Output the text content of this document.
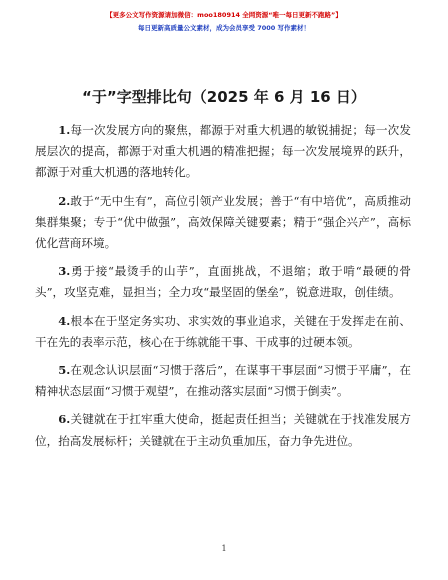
【更多公文写作资源请加微信：moo180914 全网资源“唯一每日更新不跑路”】
每日更新高质量公文素材，成为会员享受 7000 写作素材！
“于”字型排比句（2025 年 6 月 16 日）

1.每一次发展方向的聚焦，都源于对重大机遇的敏锐捕捉；每一次发展层次的提高，都源于对重大机遇的精准把握；每一次发展境界的跃升，都源于对重大机遇的落地转化。

2.敢于“无中生有”，高位引领产业发展；善于“有中培优”，高质推动集群集聚；专于“优中做强”，高效保障关键要素；精于“强企兴产”，高标优化营商环境。

3.勇于接“最烫手的山芋”，直面挑战，不退缩；敢于啃“最硬的骨头”，攻坚克难，显担当；全力攻“最坚固的堡垒”，锐意进取，创佳绩。

4.根本在于坚定务实功、求实效的事业追求，关键在于发挥走在前、干在先的表率示范，核心在于练就能干事、干成事的过硬本领。

5.在观念认识层面“习惯于落后”，在谋事干事层面“习惯于平庸”，在精神状态层面“习惯于观望”，在推动落实层面“习惯于倒卖”。

6.关键就在于扛牢重大使命，挺起责任担当；关键就在于找准发展方位，抬高发展标杆；关键就在于主动负重加压，奋力争先进位。

1
